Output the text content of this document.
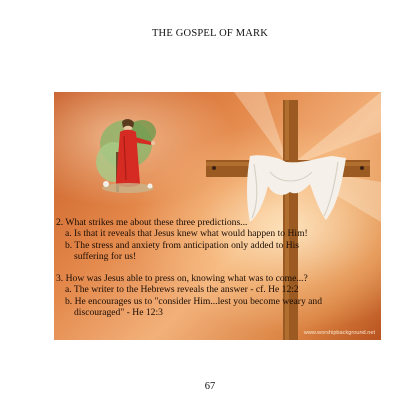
THE GOSPEL OF MARK

2. What strikes me about these three predictions...

a. Is that it reveals that Jesus knew what would happen to Him!

b. The stress and anxiety from anticipation only added to His

suffering for us!

3. How was Jesus able to press on, knowing what was to come...?

a. The writer to the Hebrews reveals the answer - cf. He 12:2

b. He encourages us to "consider Him...lest you become weary and

discouraged" - He 12:3

www.worshipbackground.net
67
